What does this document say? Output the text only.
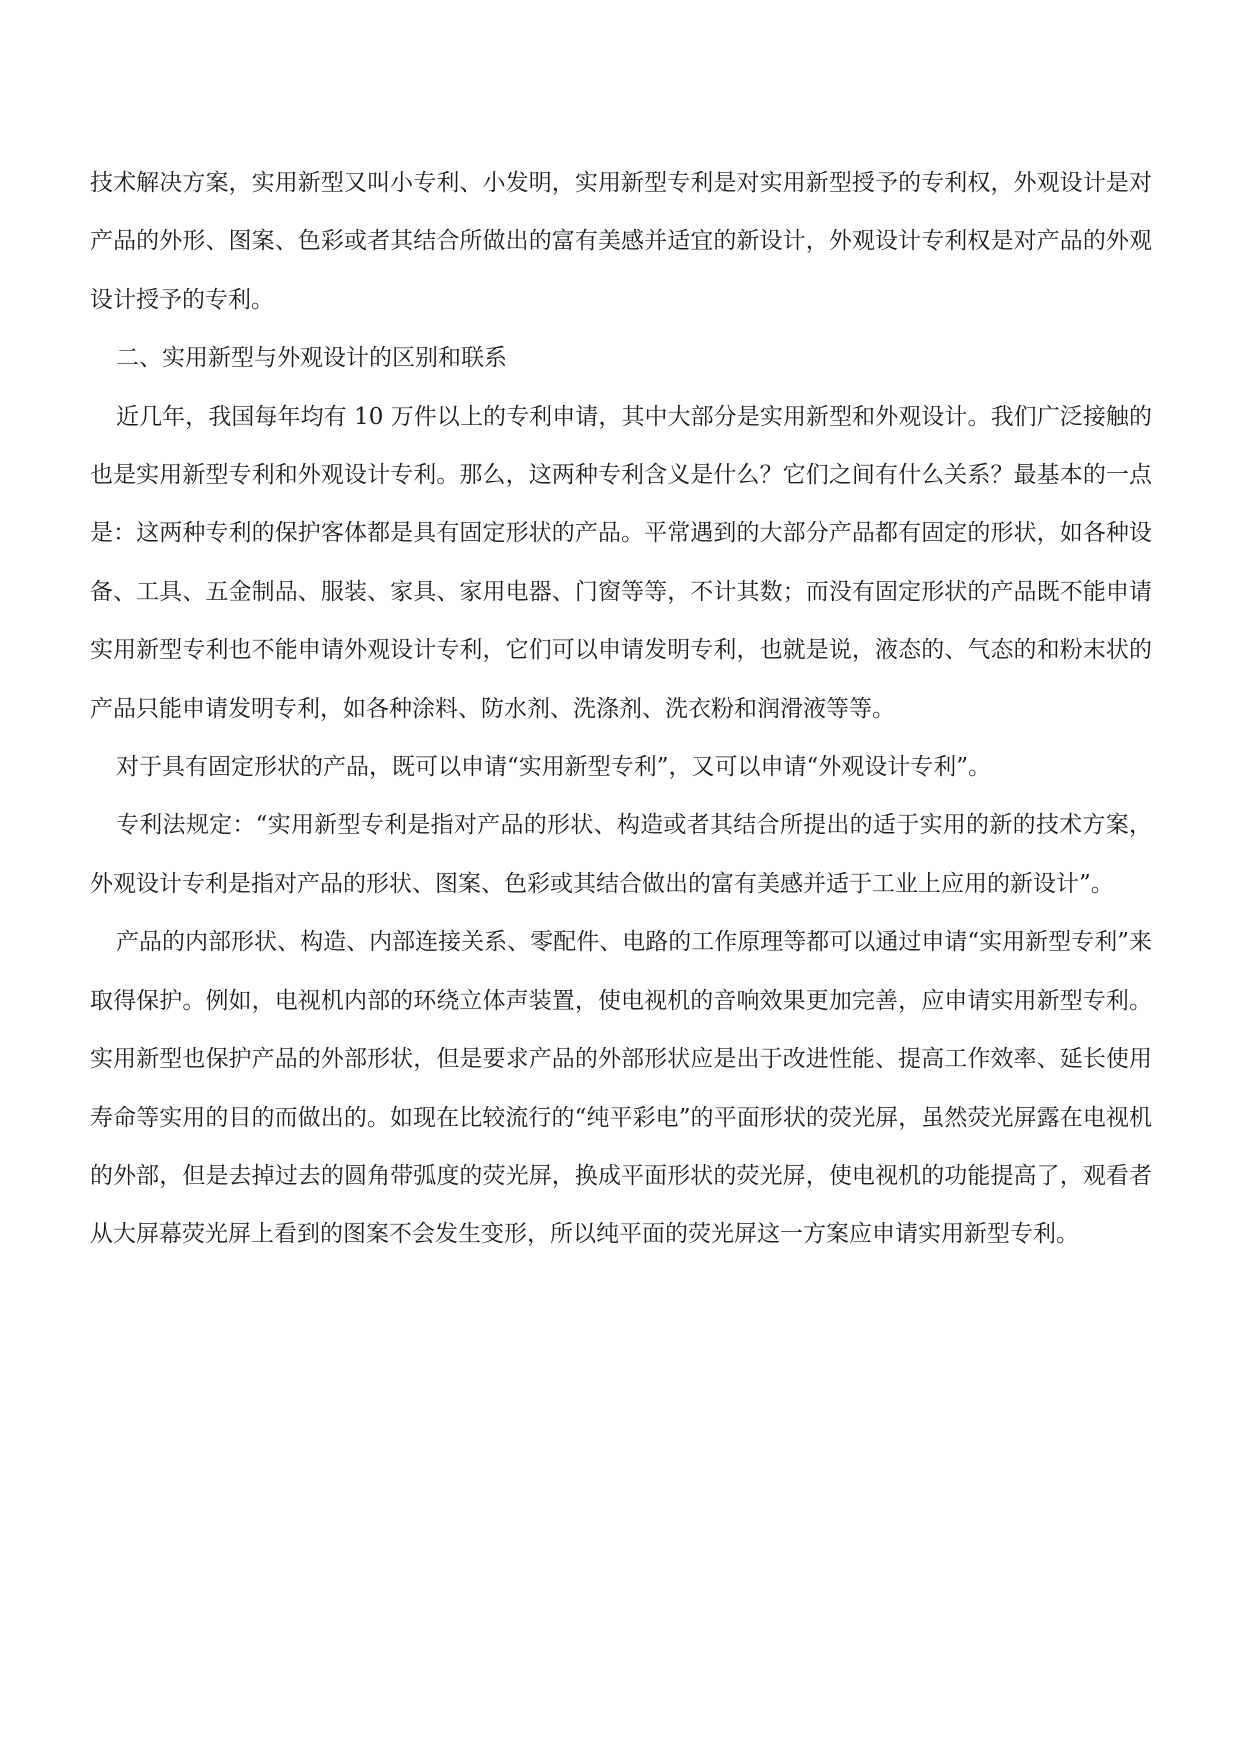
技术解决方案，实用新型又叫小专利、小发明，实用新型专利是对实用新型授予的专利权，外观设计是对产品的外形、图案、色彩或者其结合所做出的富有美感并适宜的新设计，外观设计专利权是对产品的外观设计授予的专利。

二、实用新型与外观设计的区别和联系

近几年，我国每年均有 10 万件以上的专利申请，其中大部分是实用新型和外观设计。我们广泛接触的也是实用新型专利和外观设计专利。那么，这两种专利含义是什么？它们之间有什么关系？最基本的一点是：这两种专利的保护客体都是具有固定形状的产品。平常遇到的大部分产品都有固定的形状，如各种设备、工具、五金制品、服装、家具、家用电器、门窗等等，不计其数；而没有固定形状的产品既不能申请实用新型专利也不能申请外观设计专利，它们可以申请发明专利，也就是说，液态的、气态的和粉末状的产品只能申请发明专利，如各种涂料、防水剂、洗涤剂、洗衣粉和润滑液等等。

对于具有固定形状的产品，既可以申请“实用新型专利”，又可以申请“外观设计专利”。

专利法规定：“实用新型专利是指对产品的形状、构造或者其结合所提出的适于实用的新的技术方案，外观设计专利是指对产品的形状、图案、色彩或其结合做出的富有美感并适于工业上应用的新设计”。

产品的内部形状、构造、内部连接关系、零配件、电路的工作原理等都可以通过申请“实用新型专利”来取得保护。例如，电视机内部的环绕立体声装置，使电视机的音响效果更加完善，应申请实用新型专利。实用新型也保护产品的外部形状，但是要求产品的外部形状应是出于改进性能、提高工作效率、延长使用寿命等实用的目的而做出的。如现在比较流行的“纯平彩电”的平面形状的荧光屏，虽然荧光屏露在电视机的外部，但是去掉过去的圆角带弧度的荧光屏，换成平面形状的荧光屏，使电视机的功能提高了，观看者从大屏幕荧光屏上看到的图案不会发生变形，所以纯平面的荧光屏这一方案应申请实用新型专利。
